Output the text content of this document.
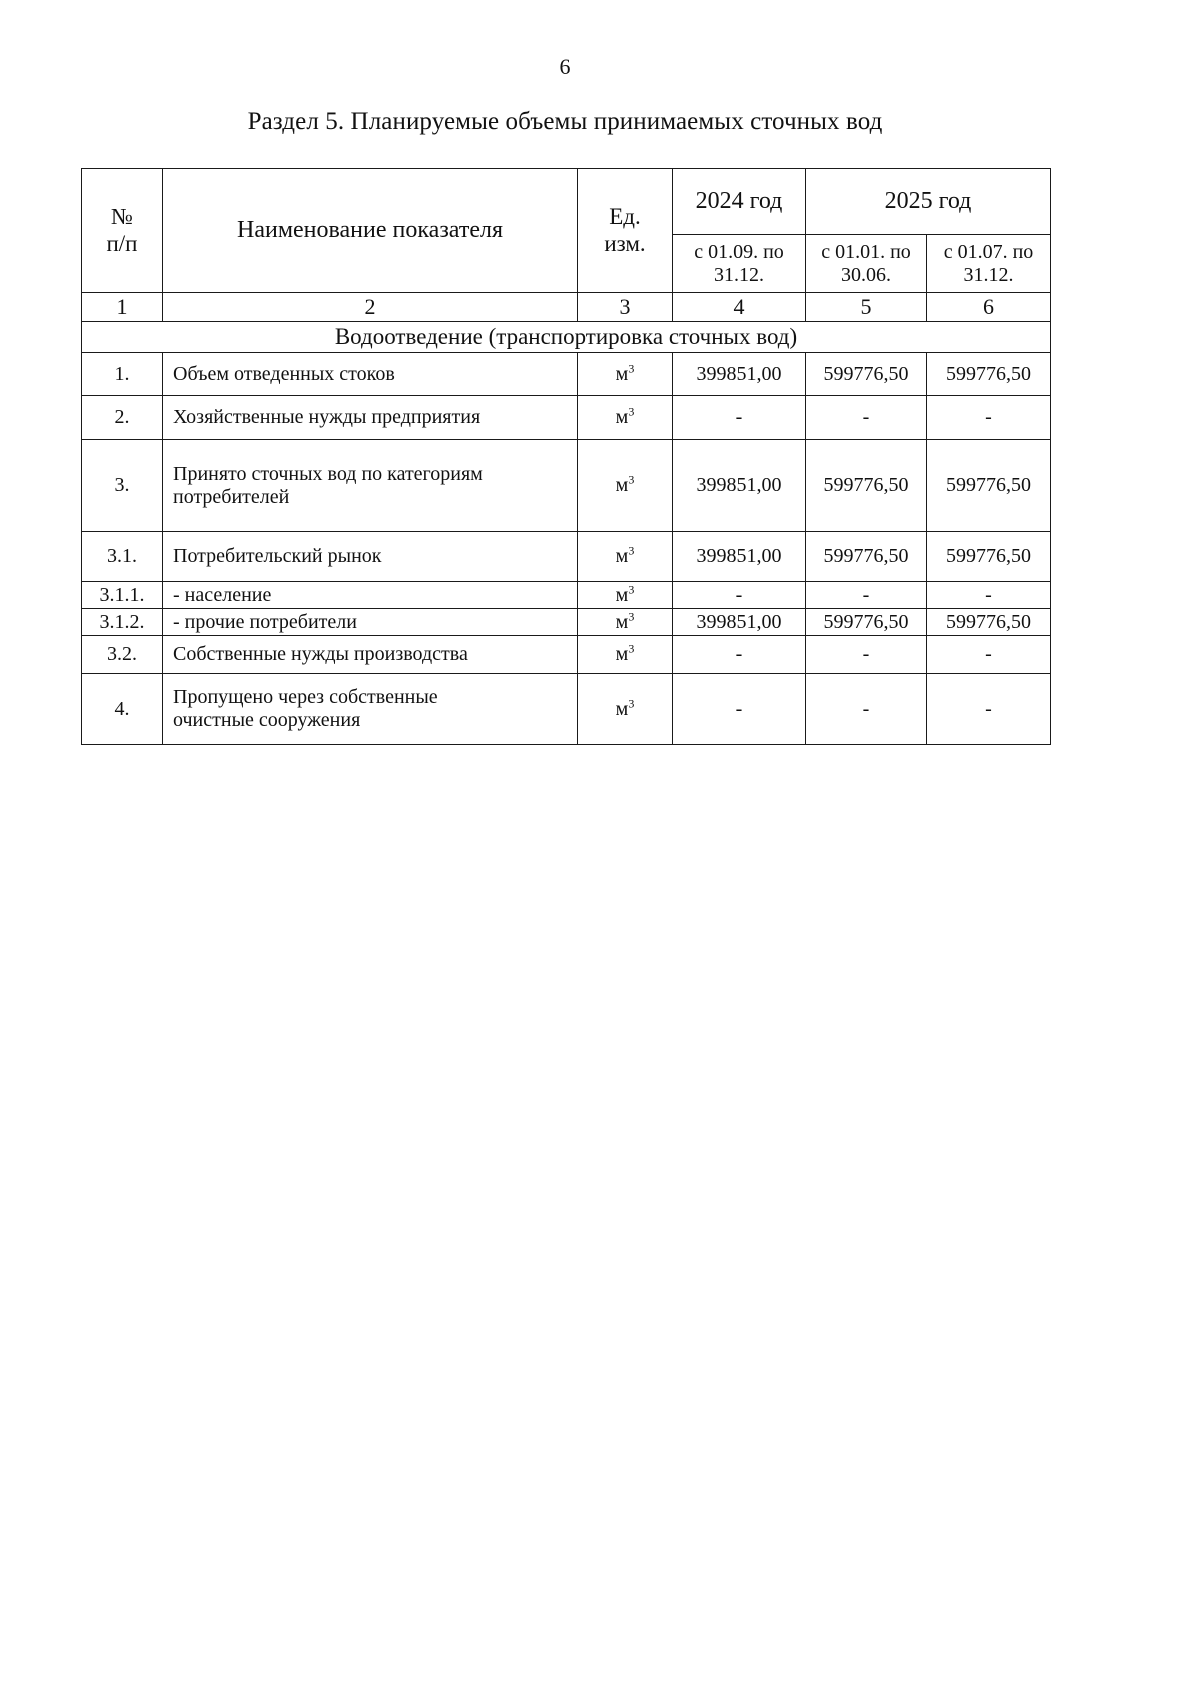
6
Раздел 5. Планируемые объемы принимаемых сточных вод
№ п/п	Наименование показателя	Ед. изм.	2024 год	2025 год	
			с 01.09. по 31.12.	с 01.01. по 30.06.	с 01.07. по 31.12.
1	2	3	4	5	6
Водоотведение (транспортировка сточных вод)					
1.	Объем отведенных стоков	$м^3$	399851,00	599776,50	599776,50
2.	Хозяйственные нужды предприятия	$м^3$	-	-	-
3.	Принято сточных вод по категориям потребителей	$м^3$	399851,00	599776,50	599776,50
3.1.	Потребительский рынок	$м^3$	399851,00	599776,50	599776,50
3.1.1.	- население	$м^3$	-	-	-
3.1.2.	- прочие потребители	$м^3$	399851,00	599776,50	599776,50
3.2.	Собственные нужды производства	$м^3$	-	-	-
4.	Пропущено через собственные очистные сооружения	$м^3$	-	-	-
